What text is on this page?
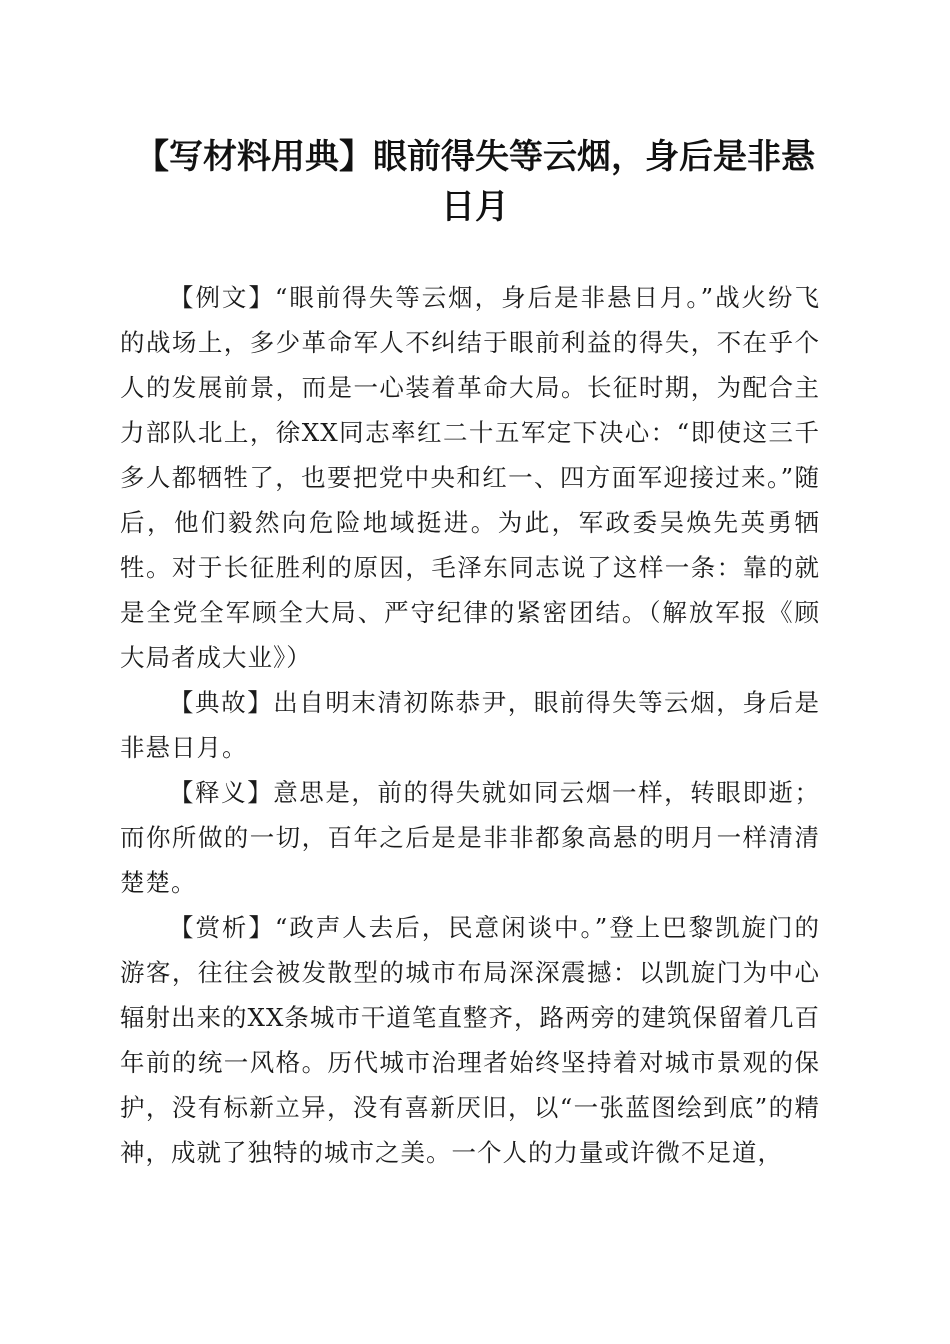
【写材料用典】眼前得失等云烟，身后是非悬日月

【例文】“眼前得失等云烟，身后是非悬日月。”战火纷飞的战场上，多少革命军人不纠结于眼前利益的得失，不在乎个人的发展前景，而是一心装着革命大局。长征时期，为配合主力部队北上，徐XX同志率红二十五军定下决心：“即使这三千多人都牺牲了，也要把党中央和红一、四方面军迎接过来。”随后，他们毅然向危险地域挺进。为此，军政委吴焕先英勇牺牲。对于长征胜利的原因，毛泽东同志说了这样一条：靠的就是全党全军顾全大局、严守纪律的紧密团结。（解放军报《顾大局者成大业》）

【典故】出自明末清初陈恭尹，眼前得失等云烟，身后是非悬日月。

【释义】意思是，前的得失就如同云烟一样，转眼即逝；而你所做的一切，百年之后是是非非都象高悬的明月一样清清楚楚。

【赏析】“政声人去后，民意闲谈中。”登上巴黎凯旋门的游客，往往会被发散型的城市布局深深震撼：以凯旋门为中心辐射出来的XX条城市干道笔直整齐，路两旁的建筑保留着几百年前的统一风格。历代城市治理者始终坚持着对城市景观的保护，没有标新立异，没有喜新厌旧，以“一张蓝图绘到底”的精神，成就了独特的城市之美。一个人的力量或许微不足道，
